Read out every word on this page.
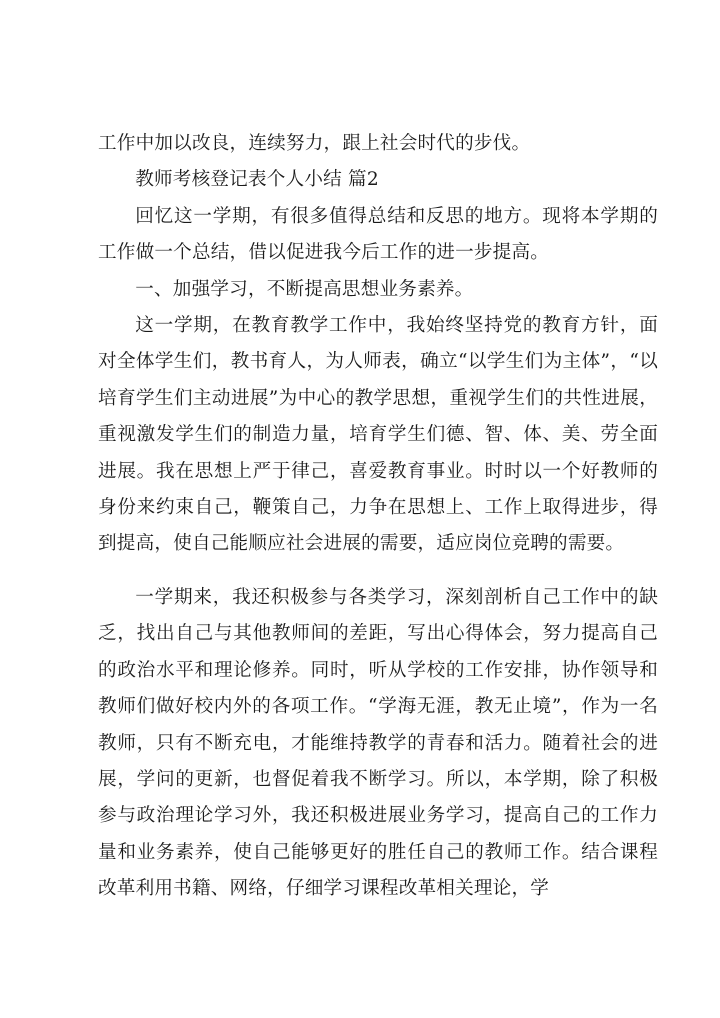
工作中加以改良，连续努力，跟上社会时代的步伐。

教师考核登记表个人小结 篇2

回忆这一学期，有很多值得总结和反思的地方。现将本学期的工作做一个总结，借以促进我今后工作的进一步提高。

一、加强学习，不断提高思想业务素养。

这一学期，在教育教学工作中，我始终坚持党的教育方针，面对全体学生们，教书育人，为人师表，确立“以学生们为主体”，“以培育学生们主动进展”为中心的教学思想，重视学生们的共性进展，重视激发学生们的制造力量，培育学生们德、智、体、美、劳全面进展。我在思想上严于律己，喜爱教育事业。时时以一个好教师的身份来约束自己，鞭策自己，力争在思想上、工作上取得进步，得到提高，使自己能顺应社会进展的需要，适应岗位竞聘的需要。

一学期来，我还积极参与各类学习，深刻剖析自己工作中的缺乏，找出自己与其他教师间的差距，写出心得体会，努力提高自己的政治水平和理论修养。同时，听从学校的工作安排，协作领导和教师们做好校内外的各项工作。“学海无涯，教无止境”，作为一名教师，只有不断充电，才能维持教学的青春和活力。随着社会的进展，学问的更新，也督促着我不断学习。所以，本学期，除了积极参与政治理论学习外，我还积极进展业务学习，提高自己的工作力量和业务素养，使自己能够更好的胜任自己的教师工作。结合课程改革利用书籍、网络，仔细学习课程改革相关理论，学
